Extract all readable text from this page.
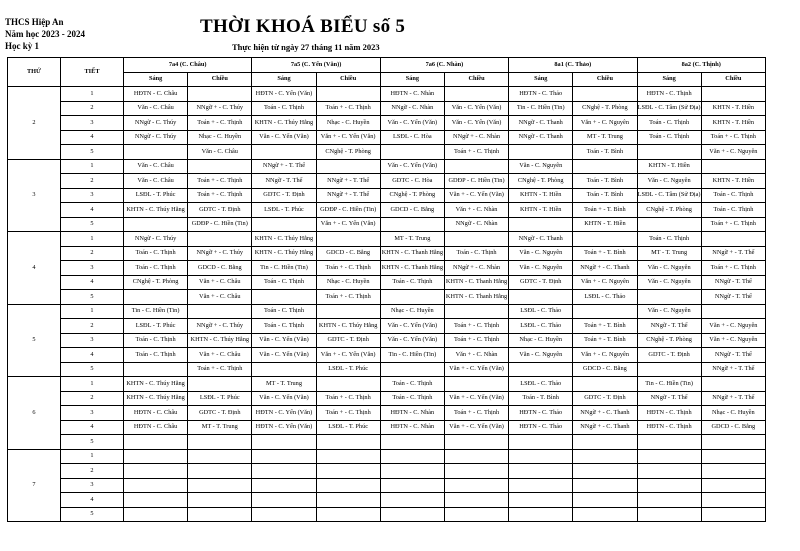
THCS Hiệp An
Năm học 2023 - 2024
Học kỳ 1
THỜI KHOÁ BIỂU số 5
Thực hiện từ ngày 27 tháng 11 năm 2023
THỨ	TIẾT	7a4 (C. Châu)		7a5 (C. Yến (Văn))		7a6 (C. Nhàn)		8a1 (C. Thảo)		8a2 (C. Thịnh)	
		Sáng	Chiều	Sáng	Chiều	Sáng	Chiều	Sáng	Chiều	Sáng	Chiều
2	1	HĐTN - C. Châu		HĐTN - C. Yến (Văn)		HĐTN - C. Nhàn		HĐTN - C. Thảo		HĐTN - C. Thịnh	
	2	Văn - C. Châu	NNgữ + - C. Thúy	Toán - C. Thịnh	Toán + - C. Thịnh	NNgữ - C. Nhàn	Văn - C. Yến (Văn)	Tin - C. Hiền (Tin)	CNghệ - T. Phòng	LSĐL - C. Tâm (Sử Địa)	KHTN - T. Hiền
	3	NNgữ - C. Thúy	Toán + - C. Thịnh	KHTN - C. Thúy Hằng	Nhạc - C. Huyền	Văn - C. Yến (Văn)	Văn - C. Yến (Văn)	NNgữ - C. Thanh	Văn + - C. Nguyên	Toán - C. Thịnh	KHTN - T. Hiền
	4	NNgữ - C. Thúy	Nhạc - C. Huyền	Văn - C. Yến (Văn)	Văn + - C. Yến (Văn)	LSĐL - C. Hòa	NNgữ + - C. Nhàn	NNgữ - C. Thanh	MT - T. Trung	Toán - C. Thịnh	Toán + - C. Thịnh
	5		Văn - C. Châu		CNghệ - T. Phòng		Toán + - C. Thịnh		Toán - T. Bình		Văn + - C. Nguyên
3	1	Văn - C. Châu		NNgữ + - T. Thể		Văn - C. Yến (Văn)		Văn - C. Nguyên		KHTN - T. Hiền	
	2	Văn - C. Châu	Toán + - C. Thịnh	NNgữ - T. Thể	NNgữ + - T. Thể	GDTC - C. Hòa	GDĐP - C. Hiền (Tin)	CNghệ - T. Phòng	Toán - T. Bình	Văn - C. Nguyên	KHTN - T. Hiền
	3	LSĐL - T. Phúc	Toán + - C. Thịnh	GDTC - T. Định	NNgữ + - T. Thể	CNghệ - T. Phòng	Văn + - C. Yến (Văn)	KHTN - T. Hiền	Toán - T. Bình	LSĐL - C. Tâm (Sử Địa)	Toán - C. Thịnh
	4	KHTN - C. Thúy Hằng	GDTC - T. Định	LSĐL - T. Phúc	GDĐP - C. Hiền (Tin)	GDCD - C. Bằng	Văn + - C. Nhàn	KHTN - T. Hiền	Toán + - T. Bình	CNghệ - T. Phòng	Toán - C. Thịnh
	5		GDĐP - C. Hiền (Tin)		Văn + - C. Yến (Văn)		NNgữ - C. Nhàn		KHTN - T. Hiền		Toán + - C. Thịnh
4	1	NNgữ - C. Thúy		KHTN - C. Thúy Hằng		MT - T. Trung		NNgữ - C. Thanh		Toán - C. Thịnh	
	2	Toán - C. Thịnh	NNgữ + - C. Thúy	KHTN - C. Thúy Hằng	GDCD - C. Bằng	KHTN - C. Thanh Hằng	Toán - C. Thịnh	Văn - C. Nguyên	Toán + - T. Bình	MT - T. Trung	NNgữ + - T. Thể
	3	Toán - C. Thịnh	GDCD - C. Bằng	Tin - C. Hiền (Tin)	Toán + - C. Thịnh	KHTN - C. Thanh Hằng	NNgữ + - C. Nhàn	Văn - C. Nguyên	NNgữ + - C. Thanh	Văn - C. Nguyên	Toán + - C. Thịnh
	4	CNghệ - T. Phòng	Văn + - C. Châu	Toán - C. Thịnh	Nhạc - C. Huyền	Toán - C. Thịnh	KHTN - C. Thanh Hằng	GDTC - T. Định	Văn + - C. Nguyên	Văn - C. Nguyên	NNgữ - T. Thể
	5		Văn + - C. Châu		Toán + - C. Thịnh		KHTN - C. Thanh Hằng		LSĐL - C. Thảo		NNgữ - T. Thể
5	1	Tin - C. Hiền (Tin)		Toán - C. Thịnh		Nhạc - C. Huyền		LSĐL - C. Thảo		Văn - C. Nguyên	
	2	LSĐL - T. Phúc	NNgữ + - C. Thúy	Toán - C. Thịnh	KHTN - C. Thúy Hằng	Văn - C. Yến (Văn)	Toán + - C. Thịnh	LSĐL - C. Thảo	Toán + - T. Bình	NNgữ - T. Thể	Văn + - C. Nguyên
	3	Toán - C. Thịnh	KHTN - C. Thúy Hằng	Văn - C. Yến (Văn)	GDTC - T. Định	Văn - C. Yến (Văn)	Toán + - C. Thịnh	Nhạc - C. Huyền	Toán + - T. Bình	CNghệ - T. Phòng	Văn + - C. Nguyên
	4	Toán - C. Thịnh	Văn + - C. Châu	Văn - C. Yến (Văn)	Văn + - C. Yến (Văn)	Tin - C. Hiền (Tin)	Văn + - C. Nhàn	Văn - C. Nguyên	Văn + - C. Nguyên	GDTC - T. Định	NNgữ - T. Thể
	5		Toán + - C. Thịnh		LSĐL - T. Phúc		Văn + - C. Yến (Văn)		GDCD - C. Bằng		NNgữ + - T. Thể
6	1	KHTN - C. Thúy Hằng		MT - T. Trung		Toán - C. Thịnh		LSĐL - C. Thảo		Tin - C. Hiền (Tin)	
	2	KHTN - C. Thúy Hằng	LSĐL - T. Phúc	Văn - C. Yến (Văn)	Toán + - C. Thịnh	Toán - C. Thịnh	Văn + - C. Yến (Văn)	Toán - T. Bình	GDTC - T. Định	NNgữ - T. Thể	NNgữ + - T. Thể
	3	HĐTN - C. Châu	GDTC - T. Định	HĐTN - C. Yến (Văn)	Toán + - C. Thịnh	HĐTN - C. Nhàn	Toán + - C. Thịnh	HĐTN - C. Thảo	NNgữ + - C. Thanh	HĐTN - C. Thịnh	Nhạc - C. Huyền
	4	HĐTN - C. Châu	MT - T. Trung	HĐTN - C. Yến (Văn)	LSĐL - T. Phúc	HĐTN - C. Nhàn	Văn + - C. Yến (Văn)	HĐTN - C. Thảo	NNgữ + - C. Thanh	HĐTN - C. Thịnh	GDCD - C. Bằng
	5										
7	1										
	2										
	3										
	4										
	5										
